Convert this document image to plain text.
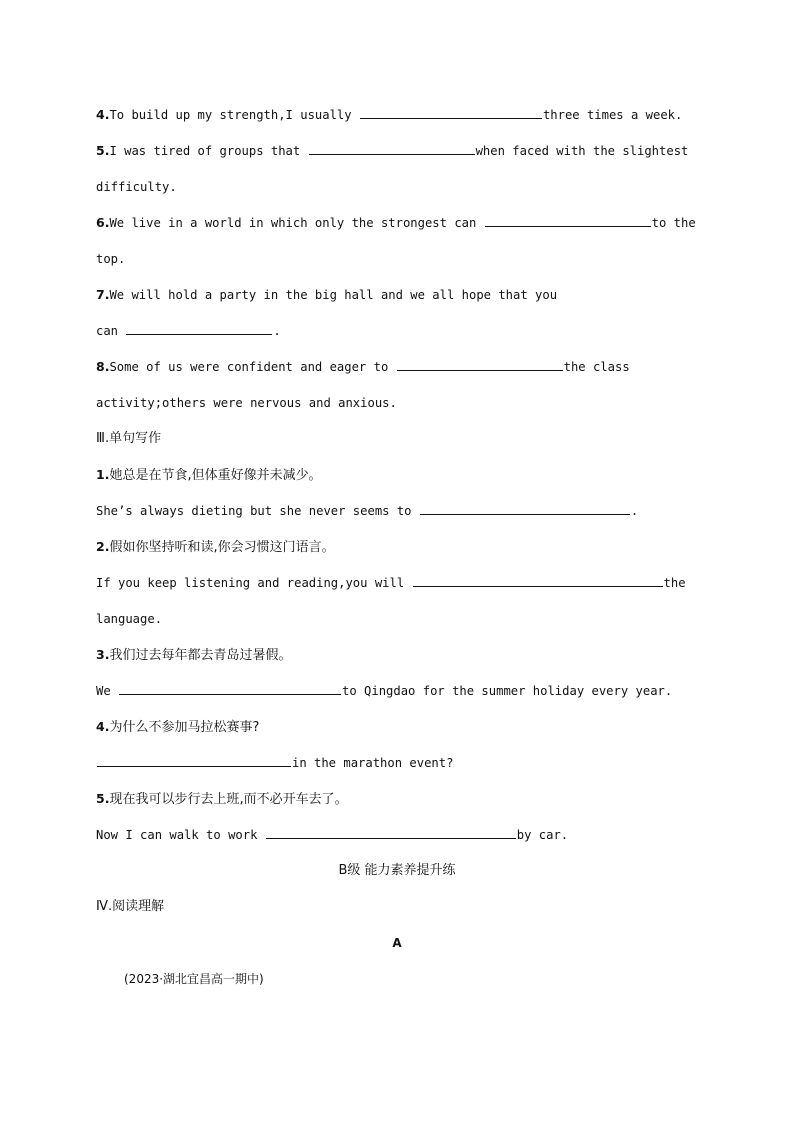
4.To build up my strength,I usually	three times a week.
5.I was tired of groups that	when faced with the slightest
difficulty.
6.We live in a world in which only the strongest can	to the
top.
7.We will hold a party in the big hall and we all hope that you
can	.
8.Some of us were confident and eager to	the class
activity;others were nervous and anxious.
Ⅲ.单句写作
1.她总是在节食,但体重好像并未减少。
She’s always dieting but she never seems to	.
2.假如你坚持听和读,你会习惯这门语言。
If you keep listening and reading,you will	the
language.
3.我们过去每年都去青岛过暑假。
We	to Qingdao for the summer holiday every year.
4.为什么不参加马拉松赛事?
in the marathon event?
5.现在我可以步行去上班,而不必开车去了。
Now I can walk to work	by car.
B级 能力素养提升练
Ⅳ.阅读理解
A
(2023·湖北宜昌高一期中)
